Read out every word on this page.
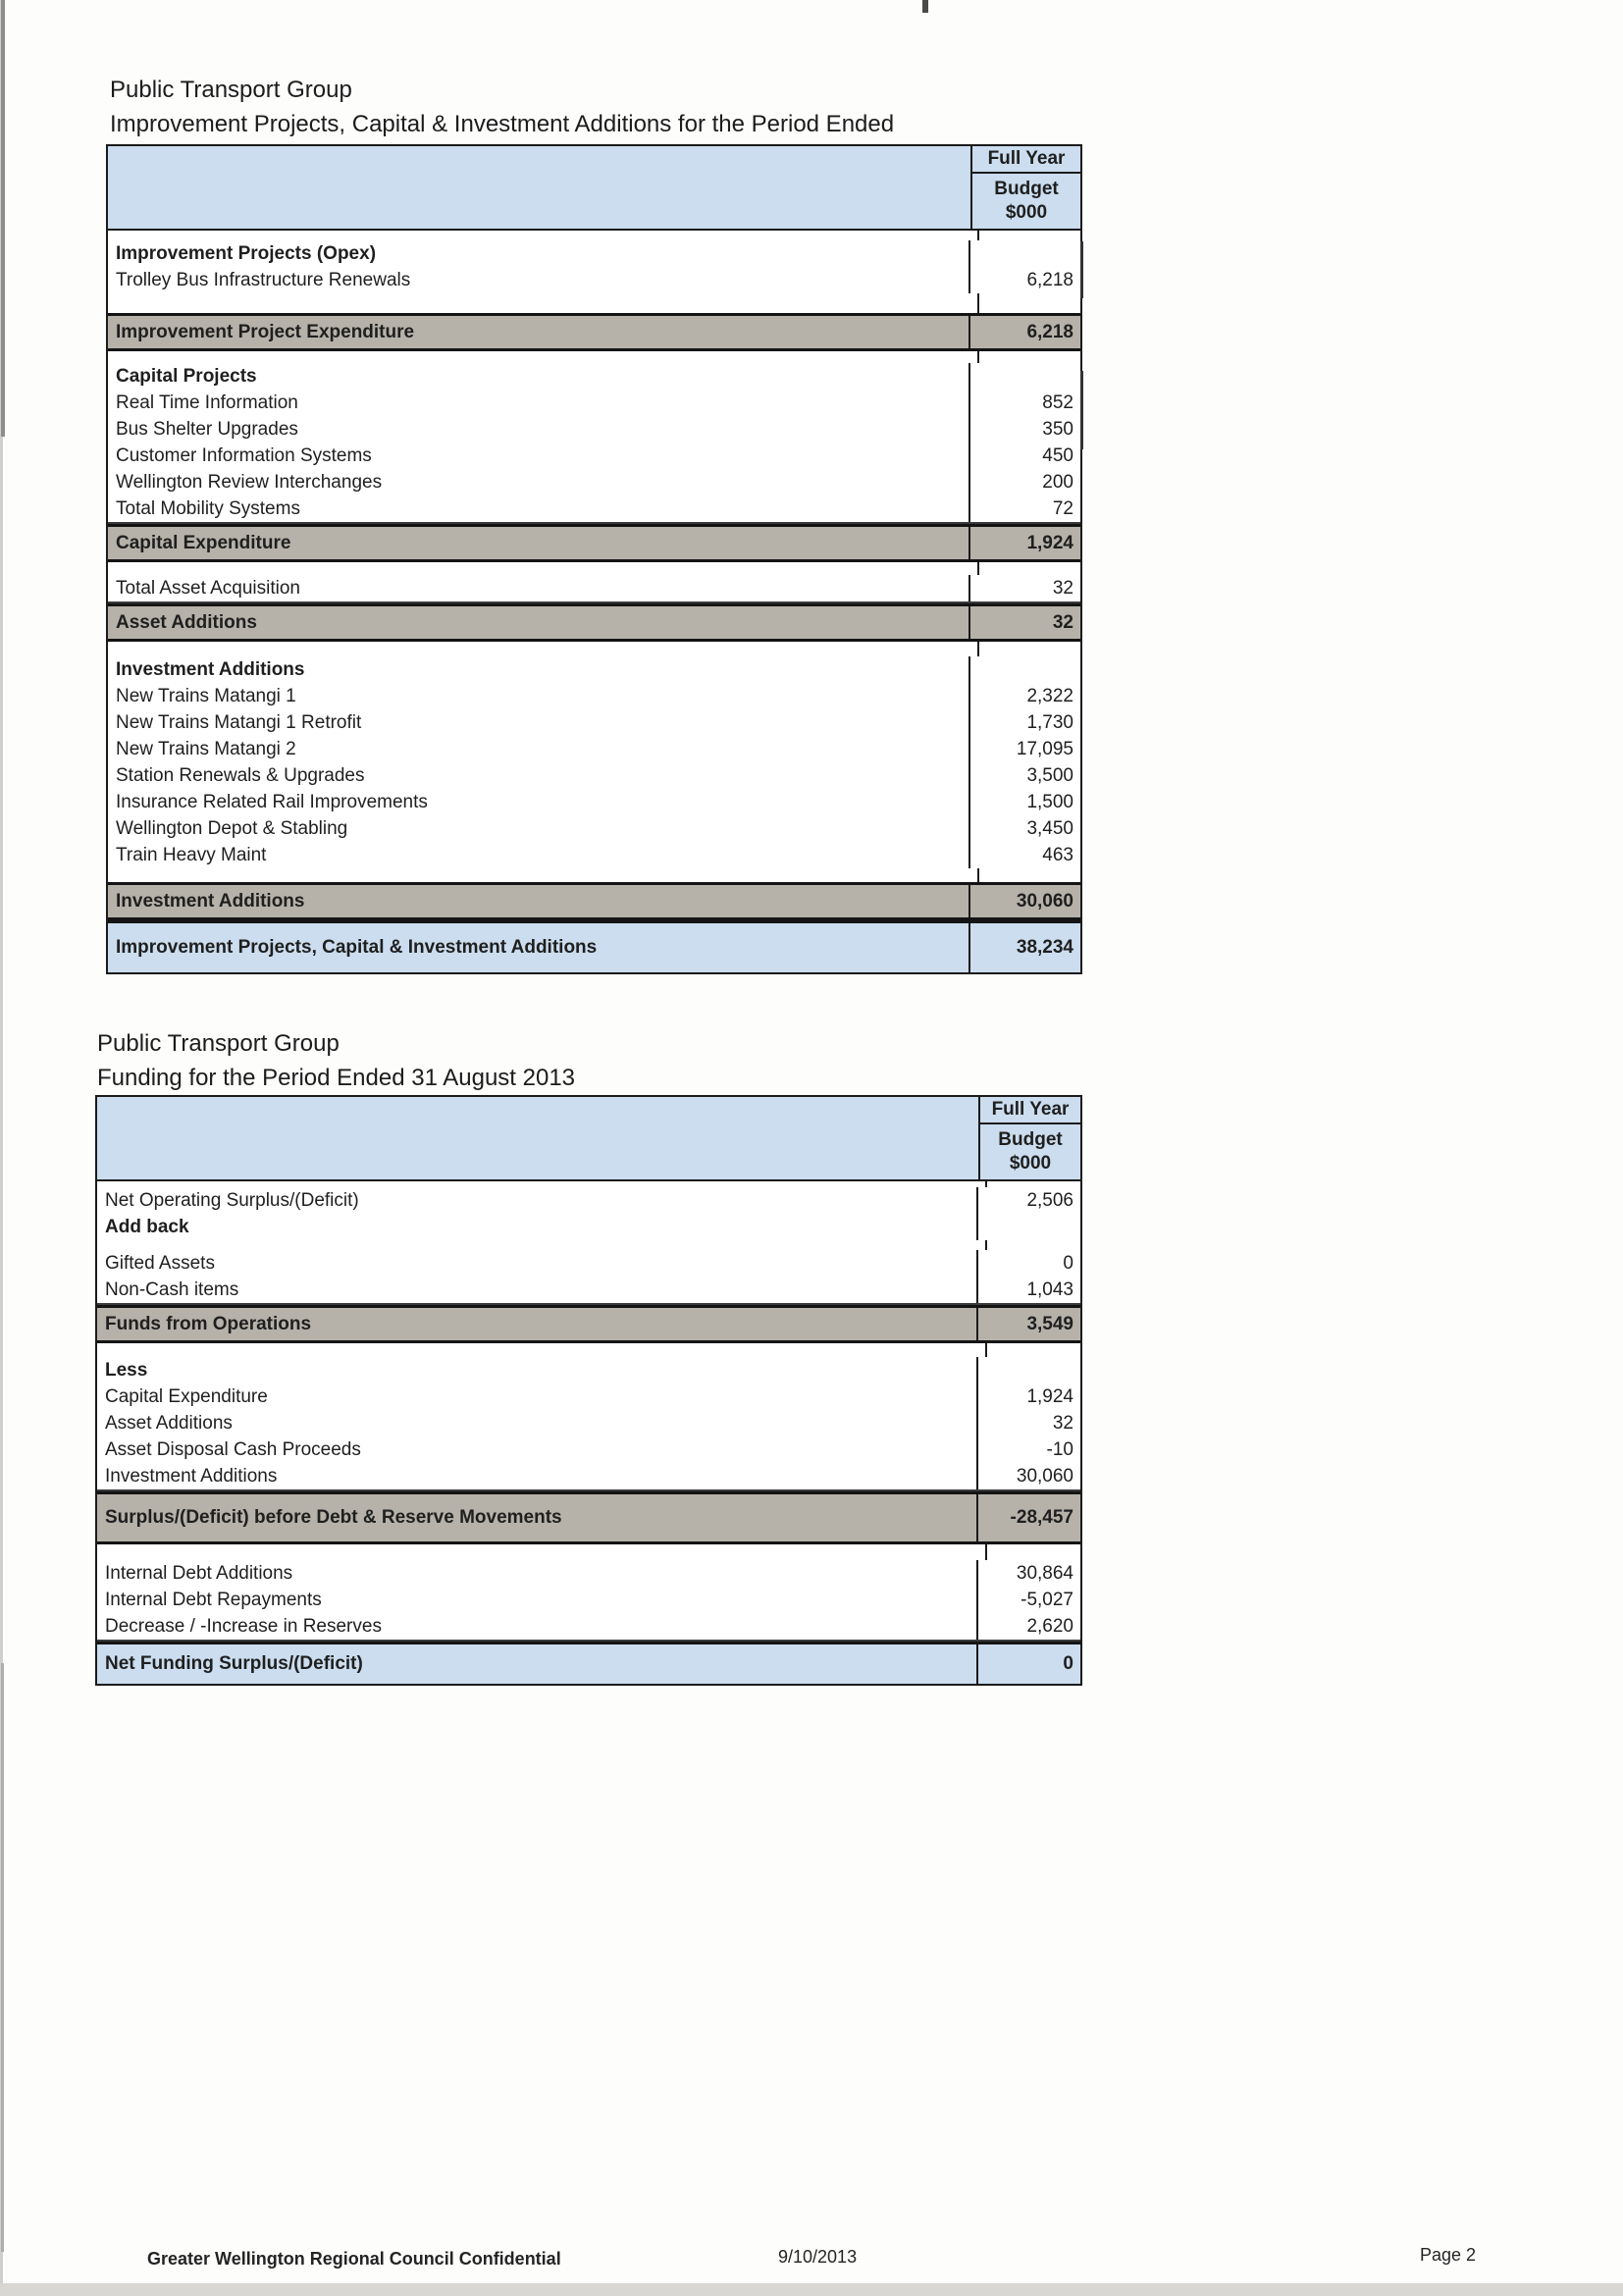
Public Transport Group
Improvement Projects, Capital & Investment Additions for the Period Ended
Full Year
Budget
$000
Improvement Projects (Opex)
Trolley Bus Infrastructure Renewals	6,218
Improvement Project Expenditure	6,218
Capital Projects
Real Time Information	852
Bus Shelter Upgrades	350
Customer Information Systems	450
Wellington Review Interchanges	200
Total Mobility Systems	72
Capital Expenditure	1,924
Total Asset Acquisition	32
Asset Additions	32
Investment Additions
New Trains Matangi 1	2,322
New Trains Matangi 1 Retrofit	1,730
New Trains Matangi 2	17,095
Station Renewals & Upgrades	3,500
Insurance Related Rail Improvements	1,500
Wellington Depot & Stabling	3,450
Train Heavy Maint	463
Investment Additions	30,060
Improvement Projects, Capital & Investment Additions	38,234
Public Transport Group
Funding for the Period Ended 31 August 2013
Full Year
Budget
$000
Net Operating Surplus/(Deficit)	2,506
Add back
Gifted Assets	0
Non-Cash items	1,043
Funds from Operations	3,549
Less
Capital Expenditure	1,924
Asset Additions	32
Asset Disposal Cash Proceeds	-10
Investment Additions	30,060
Surplus/(Deficit) before Debt & Reserve Movements	-28,457
Internal Debt Additions	30,864
Internal Debt Repayments	-5,027
Decrease / -Increase in Reserves	2,620
Net Funding Surplus/(Deficit)	0
Greater Wellington Regional Council Confidential	9/10/2013	Page 2
